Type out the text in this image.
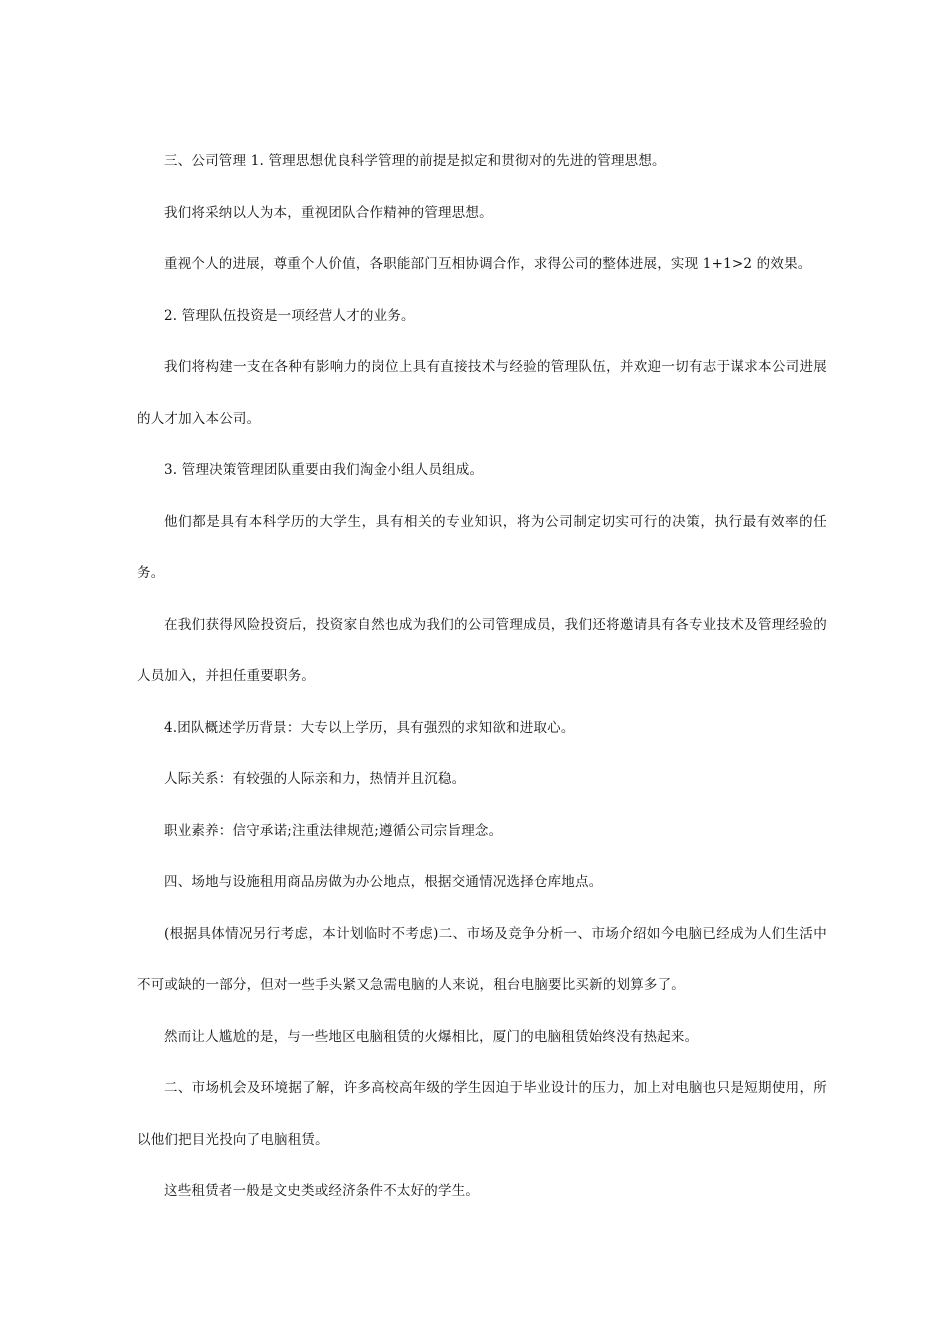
三、公司管理 1. 管理思想优良科学管理的前提是拟定和贯彻对的先进的管理思想。

我们将采纳以人为本，重视团队合作精神的管理思想。

重视个人的进展，尊重个人价值，各职能部门互相协调合作，求得公司的整体进展，实现 1+1>2 的效果。

2. 管理队伍投资是一项经营人才的业务。

我们将构建一支在各种有影响力的岗位上具有直接技术与经验的管理队伍，并欢迎一切有志于谋求本公司进展的人才加入本公司。

3. 管理决策管理团队重要由我们淘金小组人员组成。

他们都是具有本科学历的大学生，具有相关的专业知识，将为公司制定切实可行的决策，执行最有效率的任务。

在我们获得风险投资后，投资家自然也成为我们的公司管理成员，我们还将邀请具有各专业技术及管理经验的人员加入，并担任重要职务。

4.团队概述学历背景：大专以上学历，具有强烈的求知欲和进取心。

人际关系：有较强的人际亲和力，热情并且沉稳。

职业素养：信守承诺;注重法律规范;遵循公司宗旨理念。

四、场地与设施租用商品房做为办公地点，根据交通情况选择仓库地点。

(根据具体情况另行考虑，本计划临时不考虑)二、市场及竞争分析一、市场介绍如今电脑已经成为人们生活中不可或缺的一部分，但对一些手头紧又急需电脑的人来说，租台电脑要比买新的划算多了。

然而让人尴尬的是，与一些地区电脑租赁的火爆相比，厦门的电脑租赁始终没有热起来。

二、市场机会及环境据了解，许多高校高年级的学生因迫于毕业设计的压力，加上对电脑也只是短期使用，所以他们把目光投向了电脑租赁。

这些租赁者一般是文史类或经济条件不太好的学生。
